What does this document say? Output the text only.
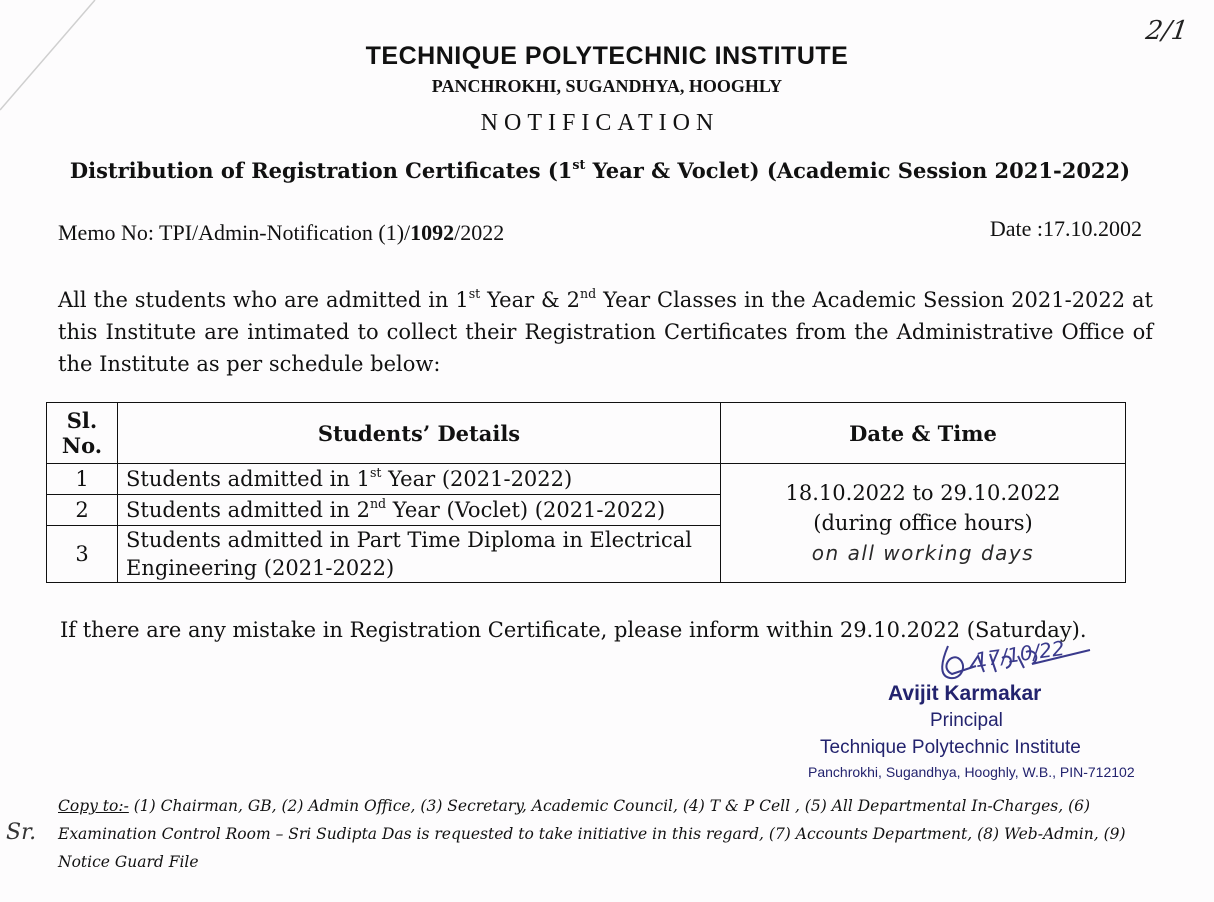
2/1
TECHNIQUE POLYTECHNIC INSTITUTE
PANCHROKHI, SUGANDHYA, HOOGHLY
NOTIFICATION
Distribution of Registration Certificates (1st Year & Voclet) (Academic Session 2021-2022)
Memo No: TPI/Admin-Notification (1)/1092/2022	Date :17.10.2002
All the students who are admitted in 1st Year & 2nd Year Classes in the Academic Session 2021-2022 at this Institute are intimated to collect their Registration Certificates from the Administrative Office of the Institute as per schedule below:
Sl. No.	Students’ Details	Date & Time
1	Students admitted in 1st Year (2021-2022)	18.10.2022 to 29.10.2022
(during office hours)
on all working days

2	Students admitted in 2nd Year (Voclet) (2021-2022)	
3	Students admitted in Part Time Diploma in Electrical Engineering (2021-2022)	
If there are any mistake in Registration Certificate, please inform within 29.10.2022 (Saturday).
17/10/22
Avijit Karmakar
Principal
Technique Polytechnic Institute
Panchrokhi, Sugandhya, Hooghly, W.B., PIN-712102
Sr.
Copy to:- (1) Chairman, GB, (2) Admin Office, (3) Secretary, Academic Council, (4) T & P Cell , (5) All Departmental In-Charges, (6) Examination Control Room – Sri Sudipta Das is requested to take initiative in this regard, (7) Accounts Department, (8) Web-Admin, (9) Notice Guard File
